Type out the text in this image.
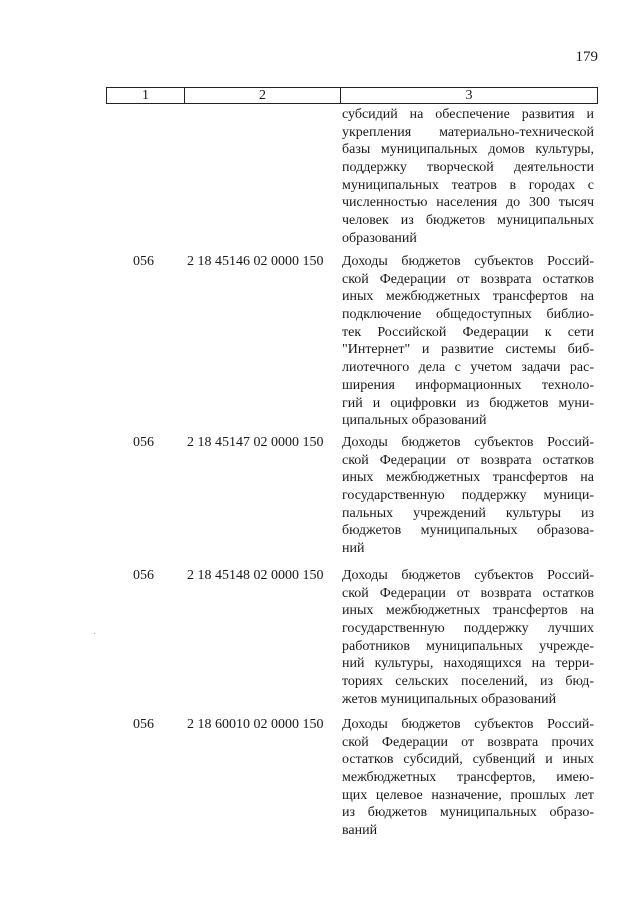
179
1	2	3
субсидий на обеспечение развития и
укрепления материально-технической
базы муниципальных домов культуры,
поддержку творческой деятельности
муниципальных театров в городах с
численностью населения до 300 тысяч
человек из бюджетов муниципальных
образований
056	2 18 45146 02 0000 150	Доходы бюджетов субъектов Россий-
ской Федерации от возврата остатков
иных межбюджетных трансфертов на
подключение общедоступных библио-
тек Российской Федерации к сети
"Интернет" и развитие системы биб-
лиотечного дела с учетом задачи рас-
ширения информационных техноло-
гий и оцифровки из бюджетов муни-
ципальных образований
056	2 18 45147 02 0000 150	Доходы бюджетов субъектов Россий-
ской Федерации от возврата остатков
иных межбюджетных трансфертов на
государственную поддержку муници-
пальных учреждений культуры из
бюджетов муниципальных образова-
ний
056	2 18 45148 02 0000 150	Доходы бюджетов субъектов Россий-
ской Федерации от возврата остатков
иных межбюджетных трансфертов на
государственную поддержку лучших
работников муниципальных учрежде-
ний культуры, находящихся на терри-
ториях сельских поселений, из бюд-
жетов муниципальных образований
056	2 18 60010 02 0000 150	Доходы бюджетов субъектов Россий-
ской Федерации от возврата прочих
остатков субсидий, субвенций и иных
межбюджетных трансфертов, имею-
щих целевое назначение, прошлых лет
из бюджетов муниципальных образо-
ваний
